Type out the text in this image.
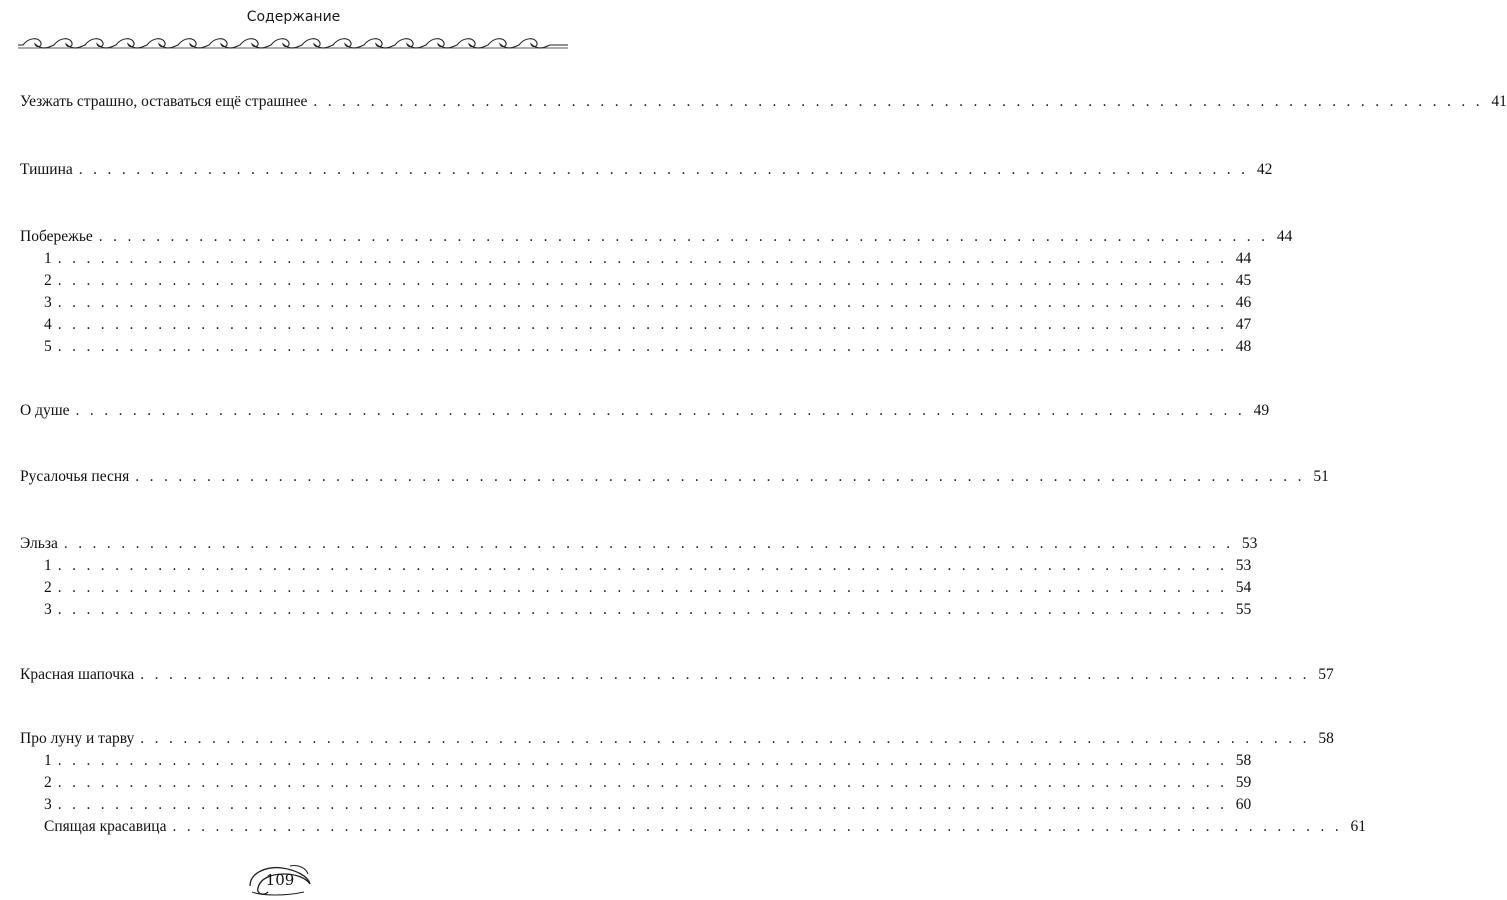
Содержание
Уезжать страшно, оставаться ещё страшнее . . . . . . . . . . . . . . . . . . . . . . . . . . . . . . . . . . . . . . . . . . . . . . . . . . . . . . . . . . . . . . . . . . . . . . . . . . . . . . . . . . 41
Тишина . . . . . . . . . . . . . . . . . . . . . . . . . . . . . . . . . . . . . . . . . . . . . . . . . . . . . . . . . . . . . . . . . . . . . . . . . . . . . . . . . . 42
Побережье . . . . . . . . . . . . . . . . . . . . . . . . . . . . . . . . . . . . . . . . . . . . . . . . . . . . . . . . . . . . . . . . . . . . . . . . . . . . . . . . . . 44
1 . . . . . . . . . . . . . . . . . . . . . . . . . . . . . . . . . . . . . . . . . . . . . . . . . . . . . . . . . . . . . . . . . . . . . . . . . . . . . . . . . . 44
2 . . . . . . . . . . . . . . . . . . . . . . . . . . . . . . . . . . . . . . . . . . . . . . . . . . . . . . . . . . . . . . . . . . . . . . . . . . . . . . . . . . 45
3 . . . . . . . . . . . . . . . . . . . . . . . . . . . . . . . . . . . . . . . . . . . . . . . . . . . . . . . . . . . . . . . . . . . . . . . . . . . . . . . . . . 46
4 . . . . . . . . . . . . . . . . . . . . . . . . . . . . . . . . . . . . . . . . . . . . . . . . . . . . . . . . . . . . . . . . . . . . . . . . . . . . . . . . . . 47
5 . . . . . . . . . . . . . . . . . . . . . . . . . . . . . . . . . . . . . . . . . . . . . . . . . . . . . . . . . . . . . . . . . . . . . . . . . . . . . . . . . . 48
О душе . . . . . . . . . . . . . . . . . . . . . . . . . . . . . . . . . . . . . . . . . . . . . . . . . . . . . . . . . . . . . . . . . . . . . . . . . . . . . . . . . . 49
Русалочья песня . . . . . . . . . . . . . . . . . . . . . . . . . . . . . . . . . . . . . . . . . . . . . . . . . . . . . . . . . . . . . . . . . . . . . . . . . . . . . . . . . . 51
Эльза . . . . . . . . . . . . . . . . . . . . . . . . . . . . . . . . . . . . . . . . . . . . . . . . . . . . . . . . . . . . . . . . . . . . . . . . . . . . . . . . . . 53
1 . . . . . . . . . . . . . . . . . . . . . . . . . . . . . . . . . . . . . . . . . . . . . . . . . . . . . . . . . . . . . . . . . . . . . . . . . . . . . . . . . . 53
2 . . . . . . . . . . . . . . . . . . . . . . . . . . . . . . . . . . . . . . . . . . . . . . . . . . . . . . . . . . . . . . . . . . . . . . . . . . . . . . . . . . 54
3 . . . . . . . . . . . . . . . . . . . . . . . . . . . . . . . . . . . . . . . . . . . . . . . . . . . . . . . . . . . . . . . . . . . . . . . . . . . . . . . . . . 55
Красная шапочка . . . . . . . . . . . . . . . . . . . . . . . . . . . . . . . . . . . . . . . . . . . . . . . . . . . . . . . . . . . . . . . . . . . . . . . . . . . . . . . . . . 57
Про луну и тарву . . . . . . . . . . . . . . . . . . . . . . . . . . . . . . . . . . . . . . . . . . . . . . . . . . . . . . . . . . . . . . . . . . . . . . . . . . . . . . . . . . 58
1 . . . . . . . . . . . . . . . . . . . . . . . . . . . . . . . . . . . . . . . . . . . . . . . . . . . . . . . . . . . . . . . . . . . . . . . . . . . . . . . . . . 58
2 . . . . . . . . . . . . . . . . . . . . . . . . . . . . . . . . . . . . . . . . . . . . . . . . . . . . . . . . . . . . . . . . . . . . . . . . . . . . . . . . . . 59
3 . . . . . . . . . . . . . . . . . . . . . . . . . . . . . . . . . . . . . . . . . . . . . . . . . . . . . . . . . . . . . . . . . . . . . . . . . . . . . . . . . . 60
Спящая красавица . . . . . . . . . . . . . . . . . . . . . . . . . . . . . . . . . . . . . . . . . . . . . . . . . . . . . . . . . . . . . . . . . . . . . . . . . . . . . . . . . . 61
109
